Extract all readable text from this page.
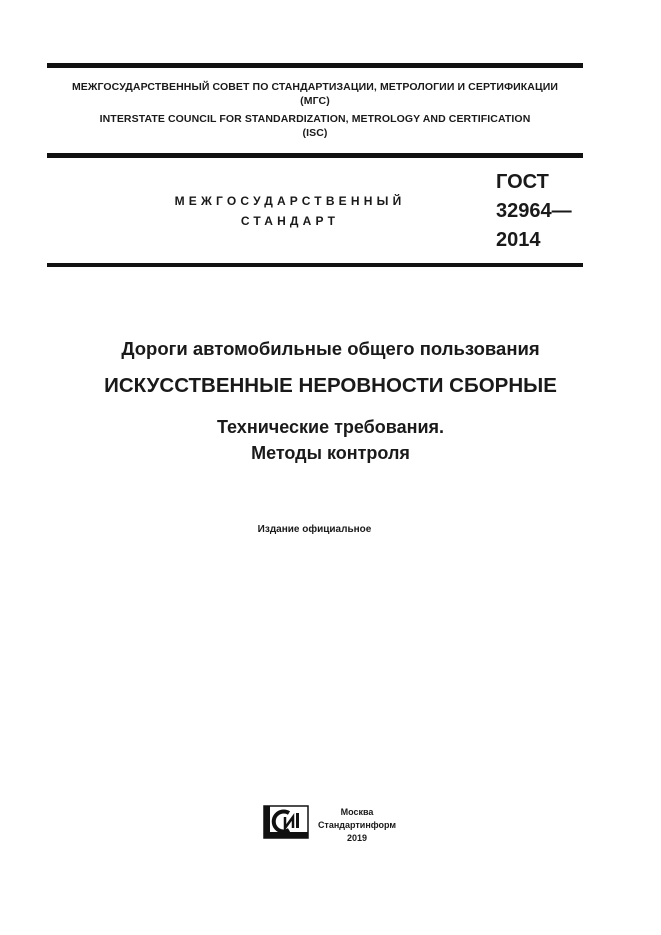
МЕЖГОСУДАРСТВЕННЫЙ СОВЕТ ПО СТАНДАРТИЗАЦИИ, МЕТРОЛОГИИ И СЕРТИФИКАЦИИ
(МГС)
INTERSTATE COUNCIL FOR STANDARDIZATION, METROLOGY AND CERTIFICATION
(ISC)
МЕЖГОСУДАРСТВЕННЫЙ
СТАНДАРТ
ГОСТ
32964—
2014
Дороги автомобильные общего пользования
ИСКУССТВЕННЫЕ НЕРОВНОСТИ СБОРНЫЕ
Технические требования.
Методы контроля
Издание официальное
Москва
Стандартинформ
2019
